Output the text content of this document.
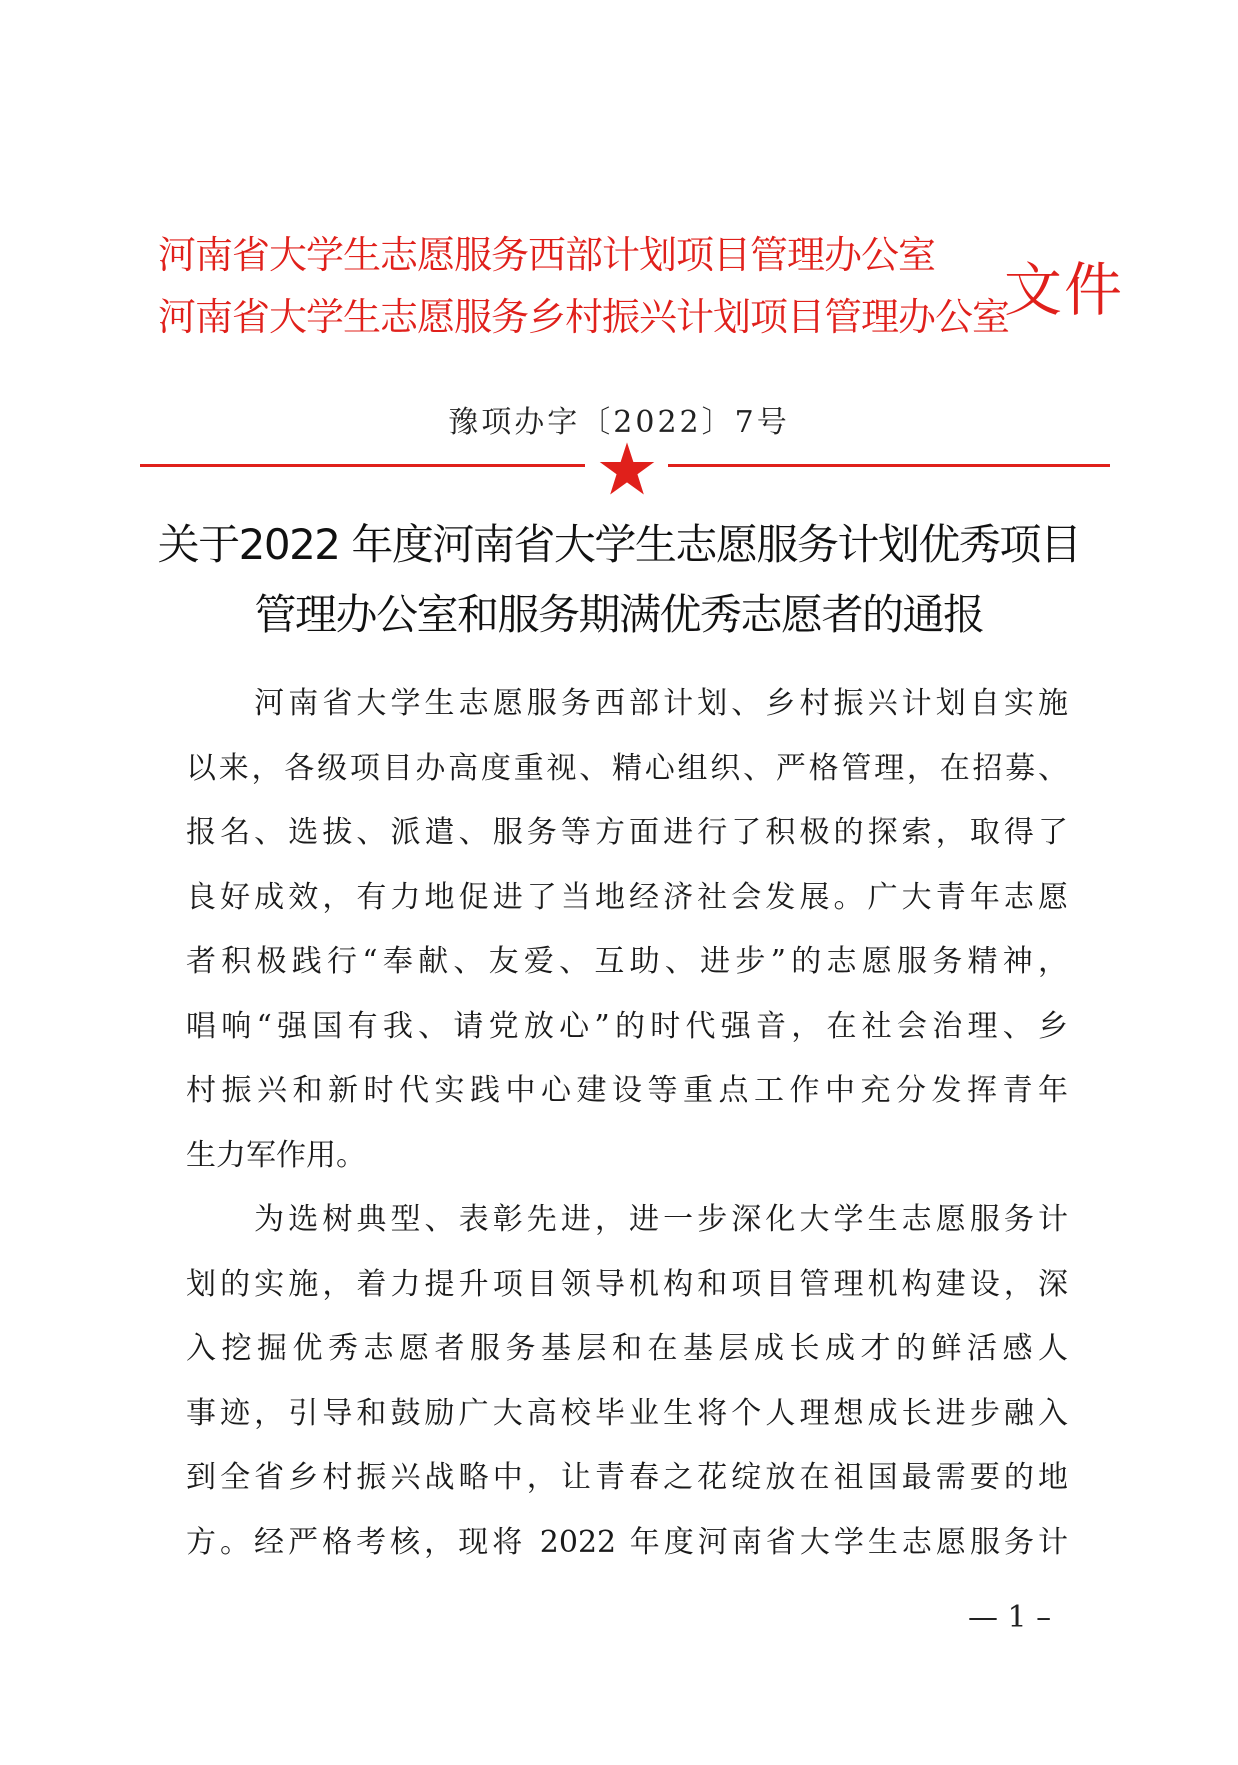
河南省大学生志愿服务西部计划项目管理办公室
河南省大学生志愿服务乡村振兴计划项目管理办公室
文件
豫项办字〔2022〕7号
关于2022 年度河南省大学生志愿服务计划优秀项目
管理办公室和服务期满优秀志愿者的通报
　　河南省大学生志愿服务西部计划、乡村振兴计划自实施
以来，各级项目办高度重视、精心组织、严格管理，在招募、
报名、选拔、派遣、服务等方面进行了积极的探索，取得了
良好成效，有力地促进了当地经济社会发展。广大青年志愿
者积极践行“奉献、友爱、互助、进步”的志愿服务精神，
唱响“强国有我、请党放心”的时代强音，在社会治理、乡
村振兴和新时代实践中心建设等重点工作中充分发挥青年
生力军作用。
　　为选树典型、表彰先进，进一步深化大学生志愿服务计
划的实施，着力提升项目领导机构和项目管理机构建设，深
入挖掘优秀志愿者服务基层和在基层成长成才的鲜活感人
事迹，引导和鼓励广大高校毕业生将个人理想成长进步融入
到全省乡村振兴战略中，让青春之花绽放在祖国最需要的地
方。经严格考核，现将 2022 年度河南省大学生志愿服务计
— 1 –
